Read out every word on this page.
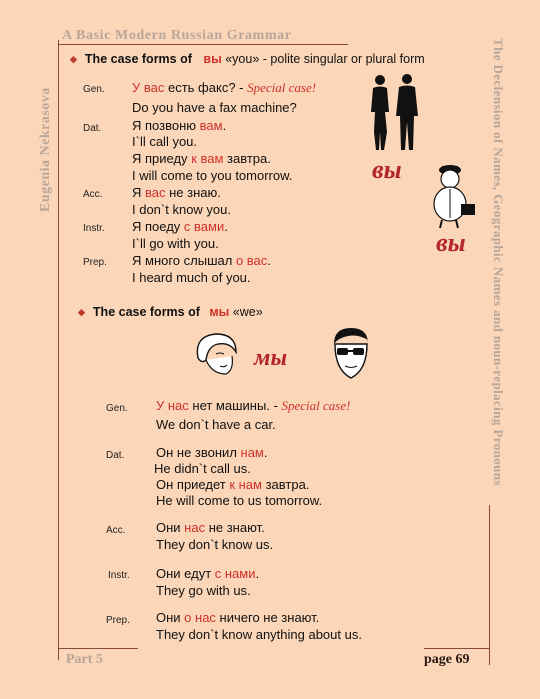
A Basic Modern Russian Grammar
Eugenia Nekrasova	The Declension of Names, Geographic Names and noun-replacing Pronouns
Part 5	page 69
◆ The case forms of вы «you» - polite singular or plural form
Gen. У вас есть факс? - Special case!
Do you have a fax machine?
Dat. Я позвоню вам.
I`ll call you.
Я приеду к вам завтра.
I will come to you tomorrow.
Acc. Я вас не знаю.
I don`t know you.
Instr. Я поеду с вами.
I`ll go with you.
Prep. Я много слышал о вас.
I heard much of you.
вы
вы
◆ The case forms of мы «we»
мы
Gen. У нас нет машины. - Special case!
We don`t have a car.
Dat. Он не звонил нам.
He didn`t call us.
Он приедет к нам завтра.
He will come to us tomorrow.
Acc. Они нас не знают.
They don`t know us.
Instr. Они едут с нами.
They go with us.
Prep. Они о нас ничего не знают.
They don`t know anything about us.
